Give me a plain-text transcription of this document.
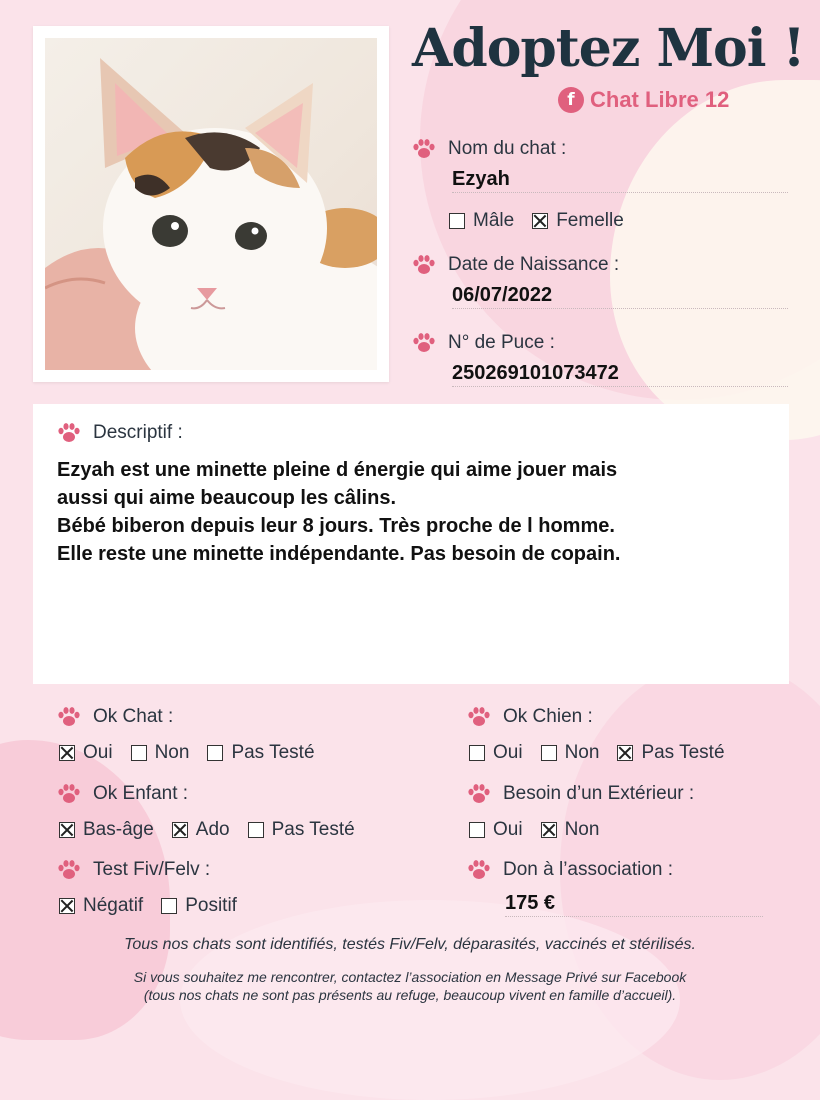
Adoptez Moi !
f Chat Libre 12
Nom du chat :
Ezyah
Mâle Femelle
Date de Naissance :
06/07/2022
N° de Puce :
250269101073472
Descriptif :
Ezyah est une minette pleine d énergie qui aime jouer mais
aussi qui aime beaucoup les câlins.
Bébé biberon depuis leur 8 jours. Très proche de l homme.
Elle reste une minette indépendante. Pas besoin de copain.
Ok Chat :
Oui Non Pas Testé
Ok Chien :
Oui Non Pas Testé
Ok Enfant :
Bas-âge Ado Pas Testé
Besoin d’un Extérieur :
Oui Non
Test Fiv/Felv :
Négatif Positif
Don à l’association :
175 €
Tous nos chats sont identifiés, testés Fiv/Felv, déparasités, vaccinés et stérilisés.
Si vous souhaitez me rencontrer, contactez l’association en Message Privé sur Facebook
(tous nos chats ne sont pas présents au refuge, beaucoup vivent en famille d’accueil).
